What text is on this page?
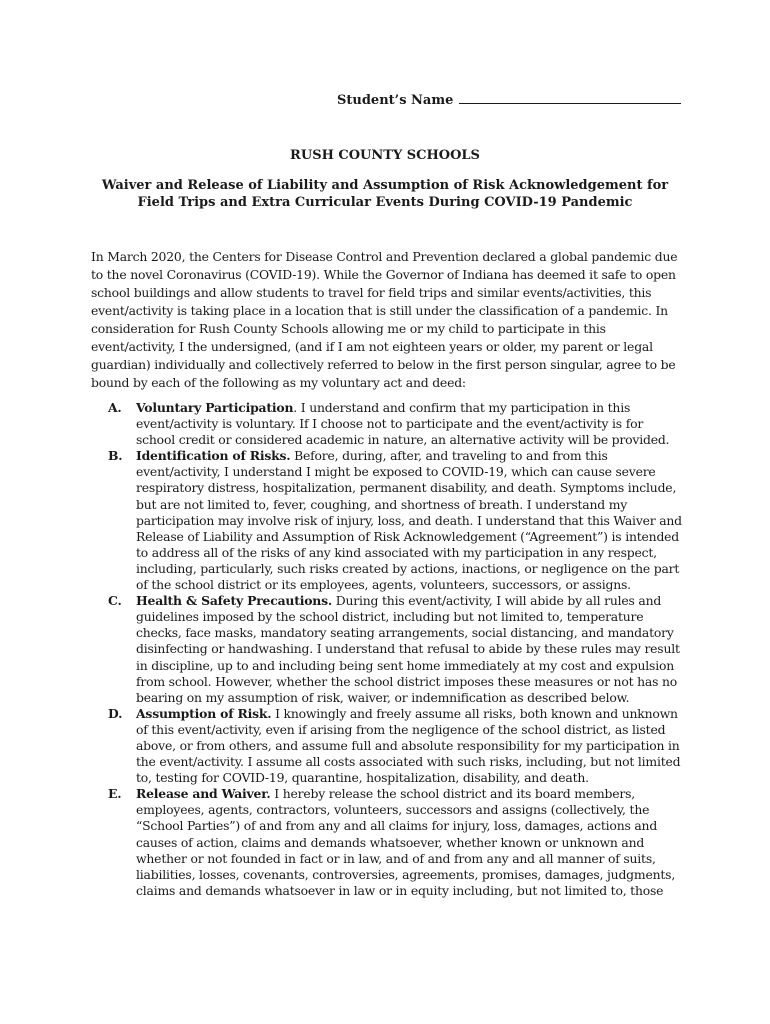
Student’s Name
RUSH COUNTY SCHOOLS
Waiver and Release of Liability and Assumption of Risk Acknowledgement for
Field Trips and Extra Curricular Events During COVID-19 Pandemic

In March 2020, the Centers for Disease Control and Prevention declared a global pandemic due to the novel Coronavirus (COVID-19). While the Governor of Indiana has deemed it safe to open school buildings and allow students to travel for field trips and similar events/activities, this event/activity is taking place in a location that is still under the classification of a pandemic. In consideration for Rush County Schools allowing me or my child to participate in this event/activity, I the undersigned, (and if I am not eighteen years or older, my parent or legal guardian) individually and collectively referred to below in the first person singular, agree to be bound by each of the following as my voluntary act and deed:

A. Voluntary Participation. I understand and confirm that my participation in this event/activity is voluntary. If I choose not to participate and the event/activity is for school credit or considered academic in nature, an alternative activity will be provided.
B. Identification of Risks. Before, during, after, and traveling to and from this event/activity, I understand I might be exposed to COVID-19, which can cause severe respiratory distress, hospitalization, permanent disability, and death. Symptoms include, but are not limited to, fever, coughing, and shortness of breath. I understand my participation may involve risk of injury, loss, and death. I understand that this Waiver and Release of Liability and Assumption of Risk Acknowledgement (“Agreement”) is intended to address all of the risks of any kind associated with my participation in any respect, including, particularly, such risks created by actions, inactions, or negligence on the part of the school district or its employees, agents, volunteers, successors, or assigns.
C. Health & Safety Precautions. During this event/activity, I will abide by all rules and guidelines imposed by the school district, including but not limited to, temperature checks, face masks, mandatory seating arrangements, social distancing, and mandatory disinfecting or handwashing. I understand that refusal to abide by these rules may result in discipline, up to and including being sent home immediately at my cost and expulsion from school. However, whether the school district imposes these measures or not has no bearing on my assumption of risk, waiver, or indemnification as described below.
D. Assumption of Risk. I knowingly and freely assume all risks, both known and unknown of this event/activity, even if arising from the negligence of the school district, as listed above, or from others, and assume full and absolute responsibility for my participation in the event/activity. I assume all costs associated with such risks, including, but not limited to, testing for COVID-19, quarantine, hospitalization, disability, and death.
E. Release and Waiver. I hereby release the school district and its board members, employees, agents, contractors, volunteers, successors and assigns (collectively, the “School Parties”) of and from any and all claims for injury, loss, damages, actions and causes of action, claims and demands whatsoever, whether known or unknown and whether or not founded in fact or in law, and of and from any and all manner of suits, liabilities, losses, covenants, controversies, agreements, promises, damages, judgments, claims and demands whatsoever in law or in equity including, but not limited to, those
